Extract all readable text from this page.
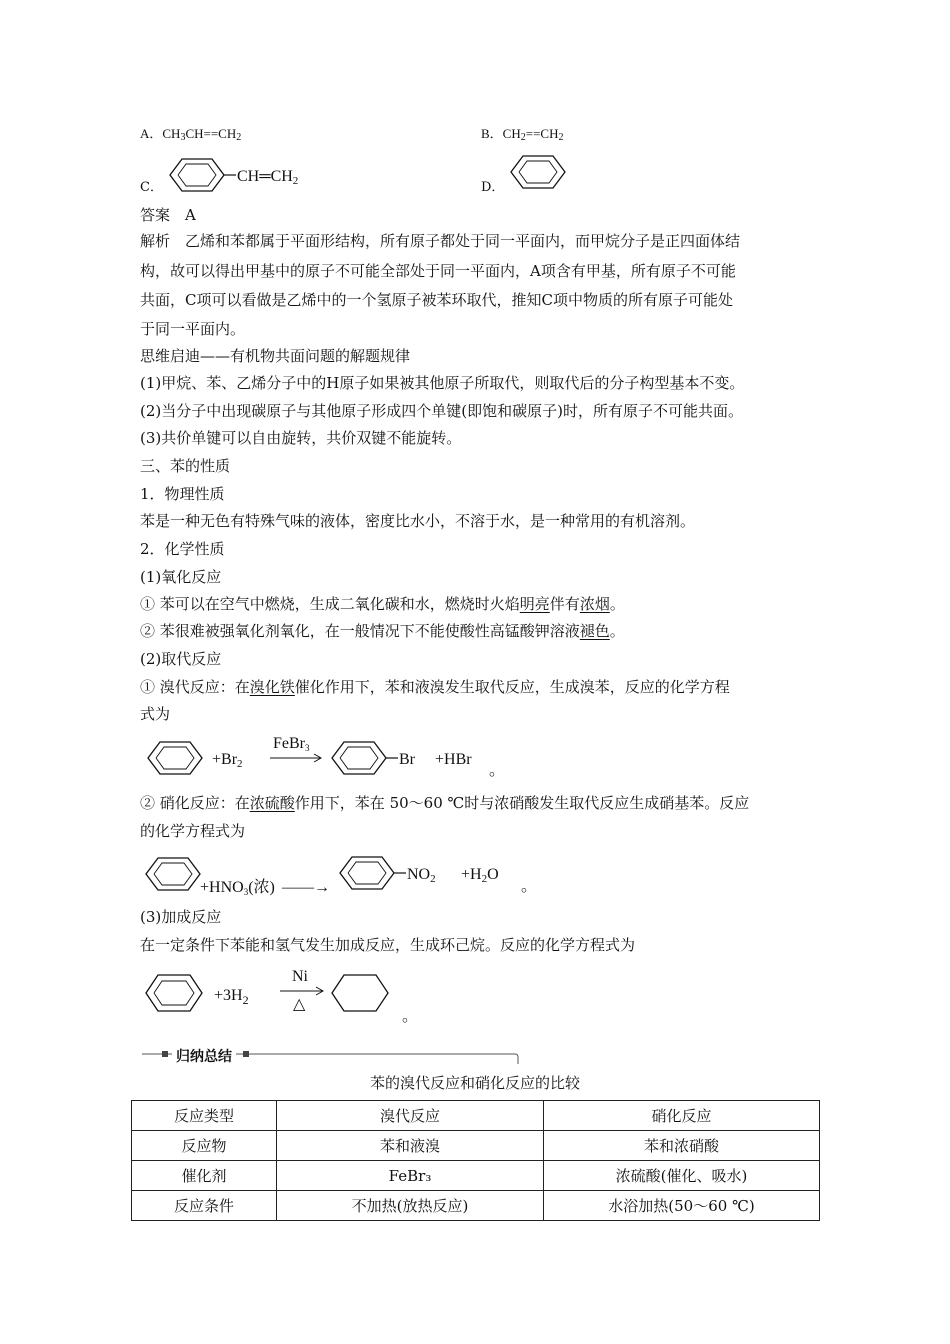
A．$CH_3CH==CH_2$	B．$CH_2==CH_2$
C．
CH═CH2	D．
答案　A
解析　乙烯和苯都属于平面形结构，所有原子都处于同一平面内，而甲烷分子是正四面体结
构，故可以得出甲基中的原子不可能全部处于同一平面内，A项含有甲基，所有原子不可能
共面，C项可以看做是乙烯中的一个氢原子被苯环取代，推知C项中物质的所有原子可能处
于同一平面内。
思维启迪——有机物共面问题的解题规律
(1)甲烷、苯、乙烯分子中的H原子如果被其他原子所取代，则取代后的分子构型基本不变。
(2)当分子中出现碳原子与其他原子形成四个单键(即饱和碳原子)时，所有原子不可能共面。
(3)共价单键可以自由旋转，共价双键不能旋转。
三、苯的性质
1．物理性质
苯是一种无色有特殊气味的液体，密度比水小，不溶于水，是一种常用的有机溶剂。
2．化学性质
(1)氧化反应
① 苯可以在空气中燃烧，生成二氧化碳和水，燃烧时火焰明亮伴有浓烟。
② 苯很难被强氧化剂氧化，在一般情况下不能使酸性高锰酸钾溶液褪色。
(2)取代反应
① 溴代反应：在溴化铁催化作用下，苯和液溴发生取代反应，生成溴苯，反应的化学方程
式为
+Br2
FeBr3
Br +HBr
。
② 硝化反应：在浓硫酸作用下，苯在 50～60 ℃时与浓硝酸发生取代反应生成硝基苯。反应
的化学方程式为
+HNO3(浓) ——→
NO2 +H2O
。
(3)加成反应
在一定条件下苯能和氢气发生加成反应，生成环己烷。反应的化学方程式为
$+3H_2$
Ni
△
。
归纳总结
苯的溴代反应和硝化反应的比较
反应类型	溴代反应	硝化反应
反应物	苯和液溴	苯和浓硝酸
催化剂	FeBr₃	浓硫酸(催化、吸水)
反应条件	不加热(放热反应)	水浴加热(50～60 ℃)
